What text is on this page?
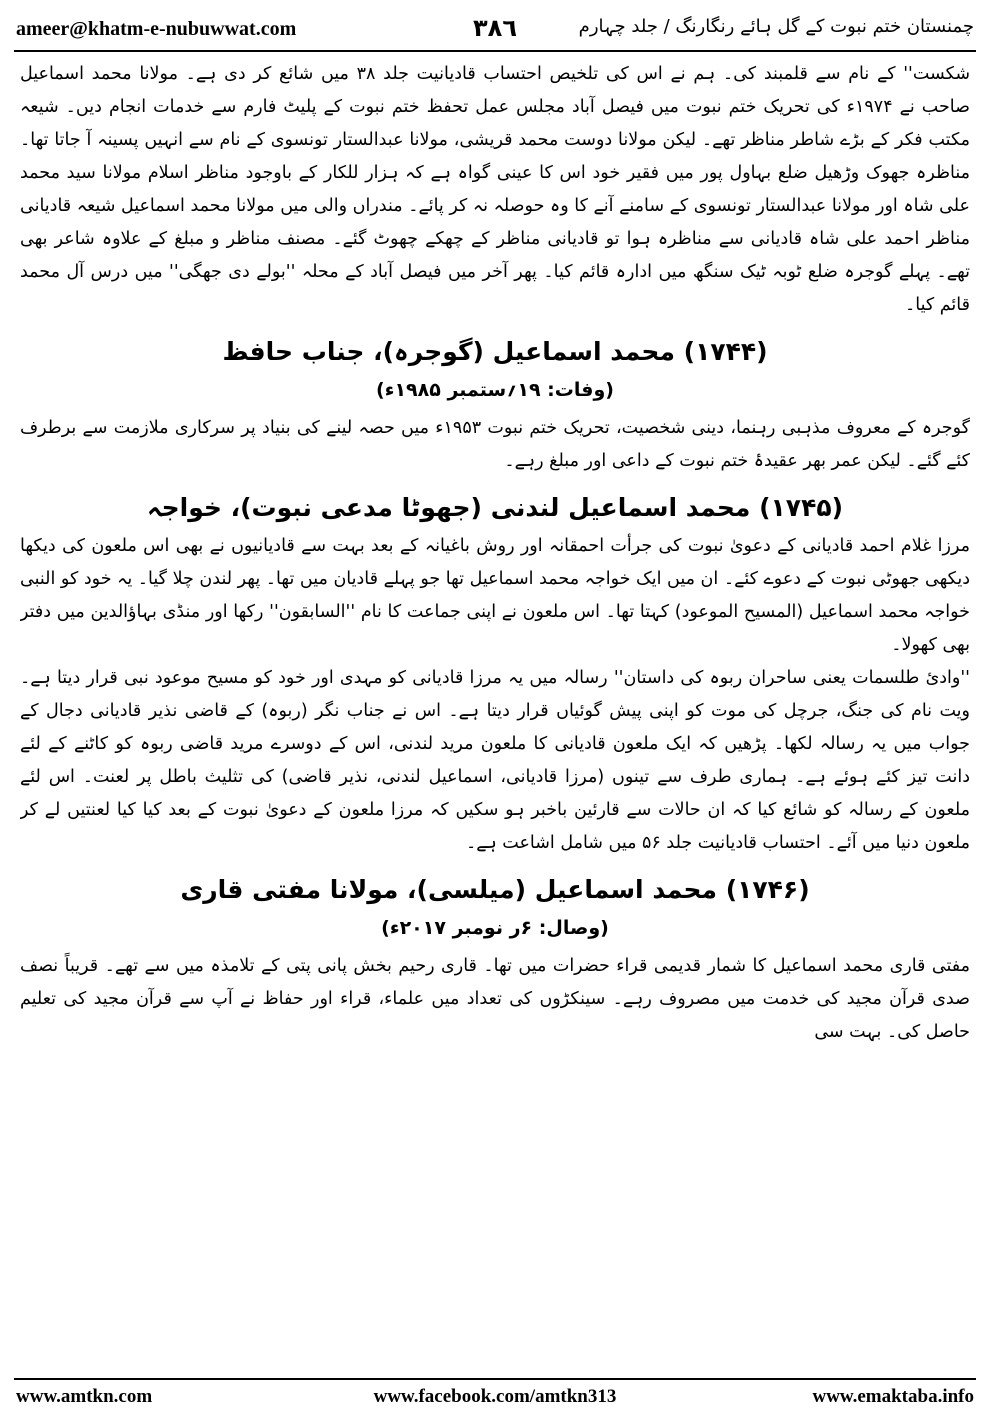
ameer@khatm-e-nubuwwat.com	٣٨٦	چمنستان ختم نبوت کے گل ہائے رنگارنگ / جلد چہارم

شکست'' کے نام سے قلمبند کی۔ ہم نے اس کی تلخیص احتساب قادیانیت جلد ۳۸ میں شائع کر دی ہے۔ مولانا محمد اسماعیل صاحب نے ۱۹۷۴ء کی تحریک ختم نبوت میں فیصل آباد مجلس عمل تحفظ ختم نبوت کے پلیٹ فارم سے خدمات انجام دیں۔ شیعہ مکتب فکر کے بڑے شاطر مناظر تھے۔ لیکن مولانا دوست محمد قریشی، مولانا عبدالستار تونسوی کے نام سے انہیں پسینہ آ جاتا تھا۔ مناظرہ جھوک وڑھیل ضلع بہاول پور میں فقیر خود اس کا عینی گواہ ہے کہ ہزار للکار کے باوجود مناظر اسلام مولانا سید محمد علی شاہ اور مولانا عبدالستار تونسوی کے سامنے آنے کا وہ حوصلہ نہ کر پائے۔ مندراں والی میں مولانا محمد اسماعیل شیعہ قادیانی مناظر احمد علی شاہ قادیانی سے مناظرہ ہوا تو قادیانی مناظر کے چھکے چھوٹ گئے۔ مصنف مناظر و مبلغ کے علاوہ شاعر بھی تھے۔ پہلے گوجرہ ضلع ٹوبہ ٹیک سنگھ میں ادارہ قائم کیا۔ پھر آخر میں فیصل آباد کے محلہ ''بولے دی جھگی'' میں درس آل محمد قائم کیا۔

(۱۷۴۴) محمد اسماعیل (گوجرہ)، جناب حافظ
(وفات: ۱۹؍ستمبر ۱۹۸۵ء)

گوجرہ کے معروف مذہبی رہنما، دینی شخصیت، تحریک ختم نبوت ۱۹۵۳ء میں حصہ لینے کی بنیاد پر سرکاری ملازمت سے برطرف کئے گئے۔ لیکن عمر بھر عقیدۂ ختم نبوت کے داعی اور مبلغ رہے۔

(۱۷۴۵) محمد اسماعیل لندنی (جھوٹا مدعی نبوت)، خواجہ

مرزا غلام احمد قادیانی کے دعویٰ نبوت کی جرأت احمقانہ اور روش باغیانہ کے بعد بہت سے قادیانیوں نے بھی اس ملعون کی دیکھا دیکھی جھوٹی نبوت کے دعوے کئے۔ ان میں ایک خواجہ محمد اسماعیل تھا جو پہلے قادیان میں تھا۔ پھر لندن چلا گیا۔ یہ خود کو النبی خواجہ محمد اسماعیل (المسیح الموعود) کہتا تھا۔ اس ملعون نے اپنی جماعت کا نام ''السابقون'' رکھا اور منڈی بہاؤالدین میں دفتر بھی کھولا۔

''وادیٔ طلسمات یعنی ساحران ربوہ کی داستان'' رسالہ میں یہ مرزا قادیانی کو مہدی اور خود کو مسیح موعود نبی قرار دیتا ہے۔ ویت نام کی جنگ، جرچل کی موت کو اپنی پیش گوئیاں قرار دیتا ہے۔ اس نے جناب نگر (ربوہ) کے قاضی نذیر قادیانی دجال کے جواب میں یہ رسالہ لکھا۔ پڑھیں کہ ایک ملعون قادیانی کا ملعون مرید لندنی، اس کے دوسرے مرید قاضی ربوہ کو کاٹنے کے لئے دانت تیز کئے ہوئے ہے۔ ہماری طرف سے تینوں (مرزا قادیانی، اسماعیل لندنی، نذیر قاضی) کی تثلیث باطل پر لعنت۔ اس لئے ملعون کے رسالہ کو شائع کیا کہ ان حالات سے قارئین باخبر ہو سکیں کہ مرزا ملعون کے دعویٰ نبوت کے بعد کیا کیا لعنتیں لے کر ملعون دنیا میں آئے۔ احتساب قادیانیت جلد ۵۶ میں شامل اشاعت ہے۔

(۱۷۴۶) محمد اسماعیل (میلسی)، مولانا مفتی قاری
(وصال: ۶ر نومبر ۲۰۱۷ء)

مفتی قاری محمد اسماعیل کا شمار قدیمی قراء حضرات میں تھا۔ قاری رحیم بخش پانی پتی کے تلامذہ میں سے تھے۔ قریباً نصف صدی قرآن مجید کی خدمت میں مصروف رہے۔ سینکڑوں کی تعداد میں علماء، قراء اور حفاظ نے آپ سے قرآن مجید کی تعلیم حاصل کی۔ بہت سی

www.amtkn.com	www.facebook.com/amtkn313	www.emaktaba.info
